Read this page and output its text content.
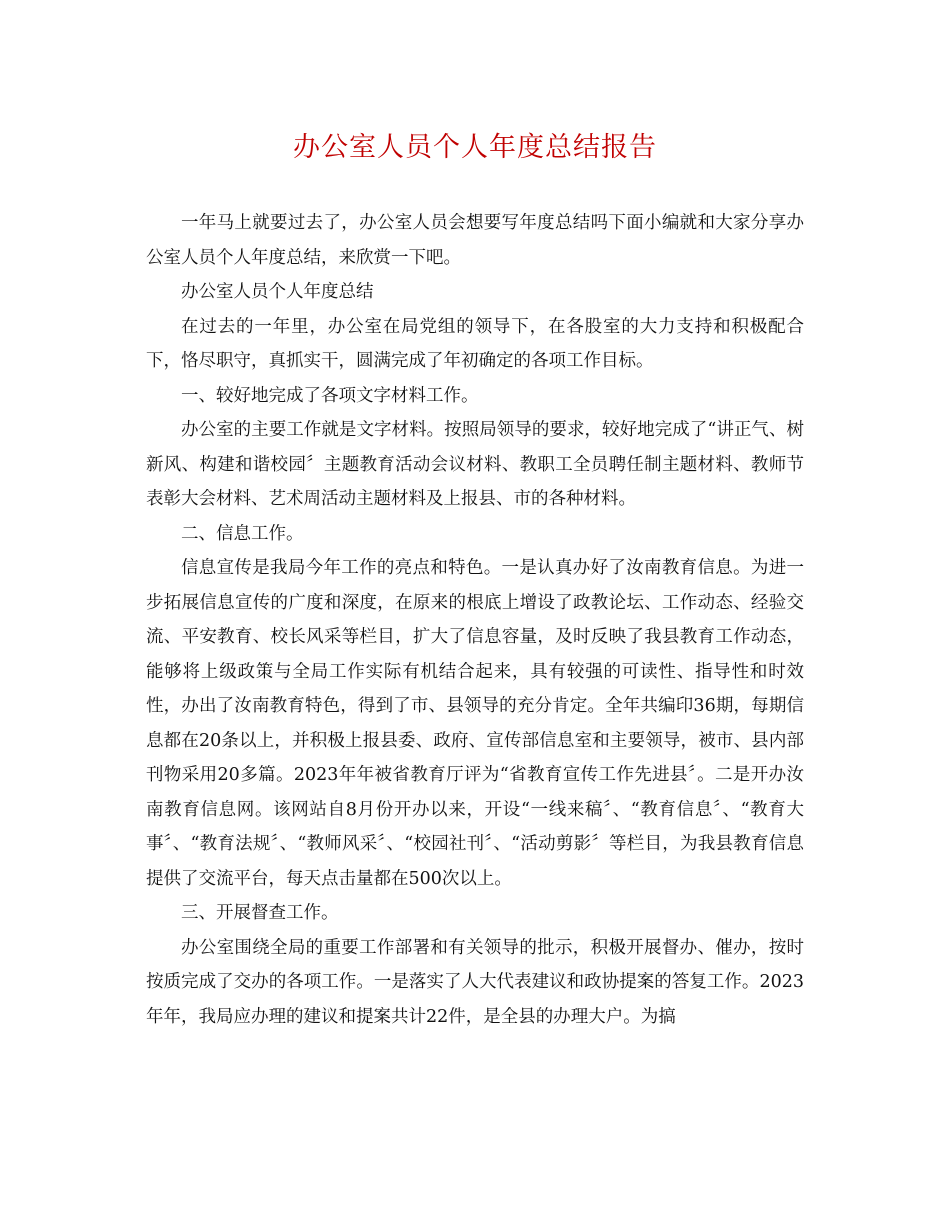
办公室人员个人年度总结报告

一年马上就要过去了，办公室人员会想要写年度总结吗下面小编就和大家分享办公室人员个人年度总结，来欣赏一下吧。

办公室人员个人年度总结

在过去的一年里，办公室在局党组的领导下，在各股室的大力支持和积极配合下，恪尽职守，真抓实干，圆满完成了年初确定的各项工作目标。

一、较好地完成了各项文字材料工作。

办公室的主要工作就是文字材料。按照局领导的要求，较好地完成了“讲正气、树新风、构建和谐校园〞主题教育活动会议材料、教职工全员聘任制主题材料、教师节表彰大会材料、艺术周活动主题材料及上报县、市的各种材料。

二、信息工作。

信息宣传是我局今年工作的亮点和特色。一是认真办好了汝南教育信息。为进一步拓展信息宣传的广度和深度，在原来的根底上增设了政教论坛、工作动态、经验交流、平安教育、校长风采等栏目，扩大了信息容量，及时反映了我县教育工作动态，能够将上级政策与全局工作实际有机结合起来，具有较强的可读性、指导性和时效性，办出了汝南教育特色，得到了市、县领导的充分肯定。全年共编印36期，每期信息都在20条以上，并积极上报县委、政府、宣传部信息室和主要领导，被市、县内部刊物采用20多篇。2023年年被省教育厅评为“省教育宣传工作先进县〞。二是开办汝南教育信息网。该网站自8月份开办以来，开设“一线来稿〞、“教育信息〞、“教育大事〞、“教育法规〞、“教师风采〞、“校园社刊〞、“活动剪影〞等栏目，为我县教育信息提供了交流平台，每天点击量都在500次以上。

三、开展督查工作。

办公室围绕全局的重要工作部署和有关领导的批示，积极开展督办、催办，按时按质完成了交办的各项工作。一是落实了人大代表建议和政协提案的答复工作。2023年年，我局应办理的建议和提案共计22件，是全县的办理大户。为搞
